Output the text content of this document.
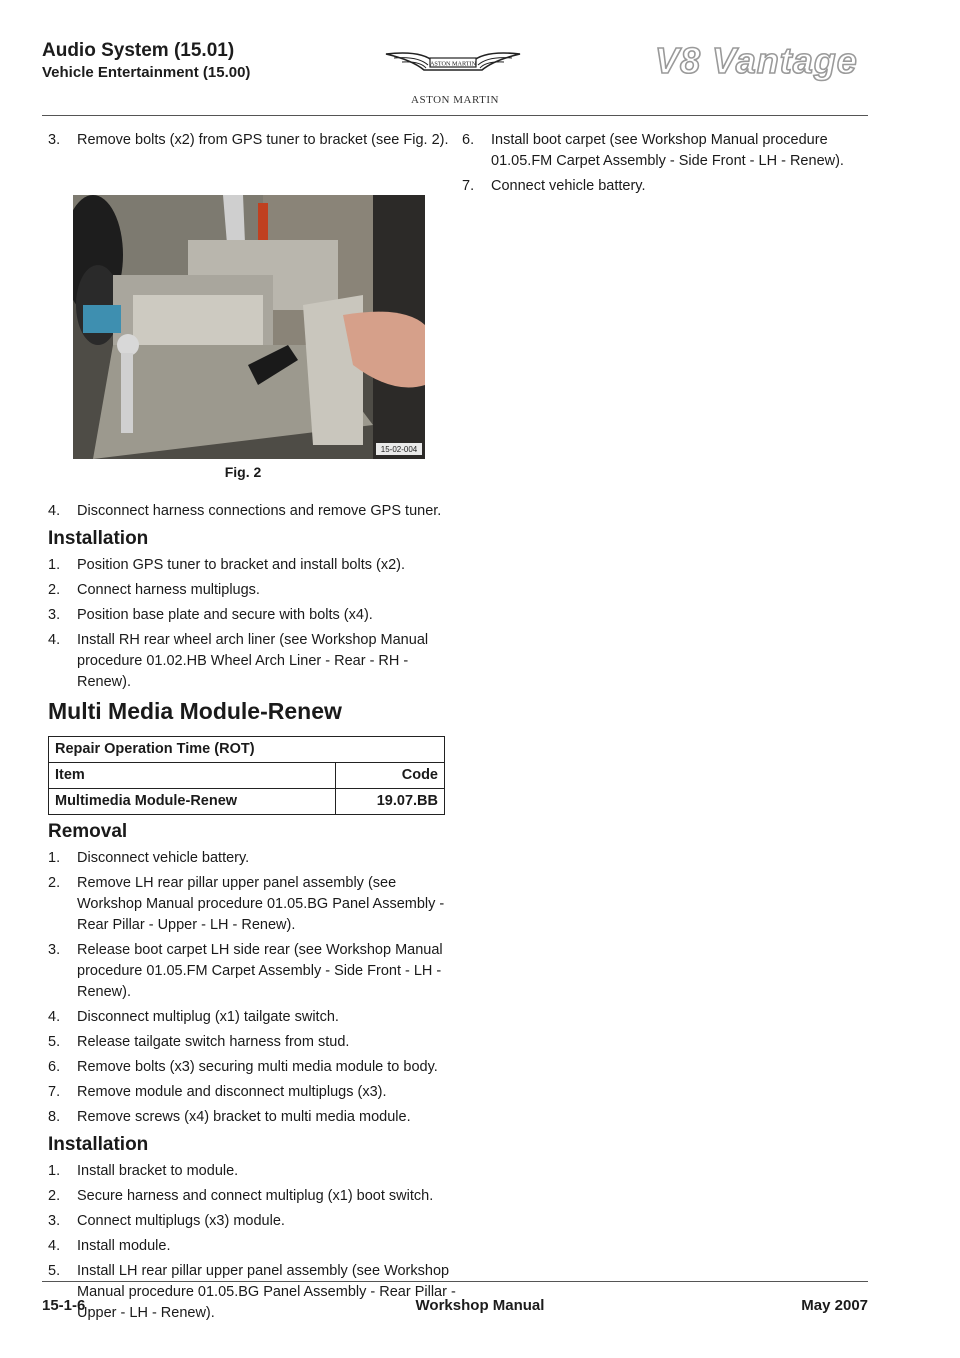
Audio System (15.01)
Vehicle Entertainment (15.00)	ASTON MARTIN
ASTON MARTIN
V8 Vantage
3.	Remove bolts (x2) from GPS tuner to bracket (see Fig. 2).
15-02-004
Fig. 2
4.	Disconnect harness connections and remove GPS tuner.
Installation
1.	Position GPS tuner to bracket and install bolts (x2).
2.	Connect harness multiplugs.
3.	Position base plate and secure with bolts (x4).
4.	Install RH rear wheel arch liner (see Workshop Manual procedure 01.02.HB Wheel Arch Liner - Rear - RH - Renew).
Multi Media Module-Renew
Repair Operation Time (ROT)	
Item	Code
Multimedia Module-Renew	19.07.BB
Removal
1.	Disconnect vehicle battery.
2.	Remove LH rear pillar upper panel assembly (see Workshop Manual procedure 01.05.BG Panel Assembly - Rear Pillar - Upper - LH - Renew).
3.	Release boot carpet LH side rear (see Workshop Manual procedure 01.05.FM Carpet Assembly - Side Front - LH - Renew).
4.	Disconnect multiplug (x1) tailgate switch.
5.	Release tailgate switch harness from stud.
6.	Remove bolts (x3) securing multi media module to body.
7.	Remove module and disconnect multiplugs (x3).
8.	Remove screws (x4) bracket to multi media module.
Installation
1.	Install bracket to module.
2.	Secure harness and connect multiplug (x1) boot switch.
3.	Connect multiplugs (x3) module.
4.	Install module.
5.	Install LH rear pillar upper panel assembly (see Workshop Manual procedure 01.05.BG Panel Assembly - Rear Pillar - Upper - LH - Renew).
6.	Install boot carpet (see Workshop Manual procedure 01.05.FM Carpet Assembly - Side Front - LH - Renew).
7.	Connect vehicle battery.
15-1-6	Workshop Manual	May 2007
